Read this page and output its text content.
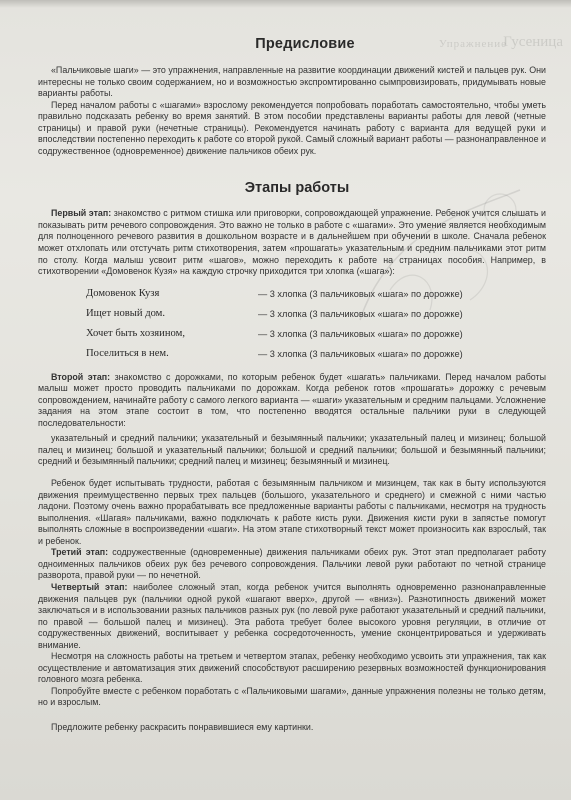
Упражнение
Гусеница
Предисловие

«Пальчиковые шаги» — это упражнения, направленные на развитие координации движений кистей и пальцев рук. Они интересны не только своим содержанием, но и возможностью экспромтированно сымпровизировать, придумывать новые варианты работы.

Перед началом работы с «шагами» взрослому рекомендуется попробовать поработать самостоятельно, чтобы уметь правильно подсказать ребенку во время занятий. В этом пособии представлены варианты работы для левой (четные страницы) и правой руки (нечетные страницы). Рекомендуется начинать работу с варианта для ведущей руки и впоследствии постепенно переходить к работе со второй рукой. Самый сложный вариант работы — разнонаправленное и содружественное (одновременное) движение пальчиков обеих рук.

Этапы работы

Первый этап: знакомство с ритмом стишка или приговорки, сопровождающей упражнение. Ребенок учится слышать и показывать ритм речевого сопровождения. Это важно не только в работе с «шагами». Это умение является необходимым для полноценного речевого развития в дошкольном возрасте и в дальнейшем при обучении в школе. Сначала ребенок может отхлопать или отстучать ритм стихотворения, затем «прошагать» указательным и средним пальчиками этот ритм по столу. Когда малыш усвоит ритм «шагов», можно переходить к работе на страницах пособия. Например, в стихотворении «Домовенок Кузя» на каждую строчку приходится три хлопка («шага»):

Домовенок Кузя	— 3 хлопка (3 пальчиковых «шага» по дорожке)
Ищет новый дом.	— 3 хлопка (3 пальчиковых «шага» по дорожке)
Хочет быть хозяином,	— 3 хлопка (3 пальчиковых «шага» по дорожке)
Поселиться в нем.	— 3 хлопка (3 пальчиковых «шага» по дорожке)

Второй этап: знакомство с дорожками, по которым ребенок будет «шагать» пальчиками. Перед началом работы малыш может просто проводить пальчиками по дорожкам. Когда ребенок готов «прошагать» дорожку с речевым сопровождением, начинайте работу с самого легкого варианта — «шаги» указательным и средним пальцами. Усложнение задания на этом этапе состоит в том, что постепенно вводятся остальные пальчики руки в следующей последовательности:

указательный и средний пальчики; указательный и безымянный пальчики; указательный палец и мизинец; большой палец и мизинец; большой и указательный пальчики; большой и средний пальчики; большой и безымянный пальчики; средний и безымянный пальчики; средний палец и мизинец; безымянный и мизинец.

Ребенок будет испытывать трудности, работая с безымянным пальчиком и мизинцем, так как в быту используются движения преимущественно первых трех пальцев (большого, указательного и среднего) и смежной с ними частью ладони. Поэтому очень важно прорабатывать все предложенные варианты работы с пальчиками, несмотря на трудность выполнения. «Шагая» пальчиками, важно подключать к работе кисть руки. Движения кисти руки в запястье помогут выполнять сложные в воспроизведении «шаги». На этом этапе стихотворный текст может произносить как взрослый, так и ребенок.

Третий этап: содружественные (одновременные) движения пальчиками обеих рук. Этот этап предполагает работу одноименных пальчиков обеих рук без речевого сопровождения. Пальчики левой руки работают по четной странице разворота, правой руки — по нечетной.

Четвертый этап: наиболее сложный этап, когда ребенок учится выполнять одновременно разнонаправленные движения пальцев рук (пальчики одной рукой «шагают вверх», другой — «вниз»). Разнотипность движений может заключаться и в использовании разных пальчиков разных рук (по левой руке работают указательный и средний пальчики, по правой — большой палец и мизинец). Эта работа требует более высокого уровня регуляции, в отличие от содружественных движений, воспитывает у ребенка сосредоточенность, умение сконцентрироваться и удерживать внимание.

Несмотря на сложность работы на третьем и четвертом этапах, ребенку необходимо усвоить эти упражнения, так как осуществление и автоматизация этих движений способствуют расширению резервных возможностей функционирования головного мозга ребенка.

Попробуйте вместе с ребенком поработать с «Пальчиковыми шагами», данные упражнения полезны не только детям, но и взрослым.

Предложите ребенку раскрасить понравившиеся ему картинки.
